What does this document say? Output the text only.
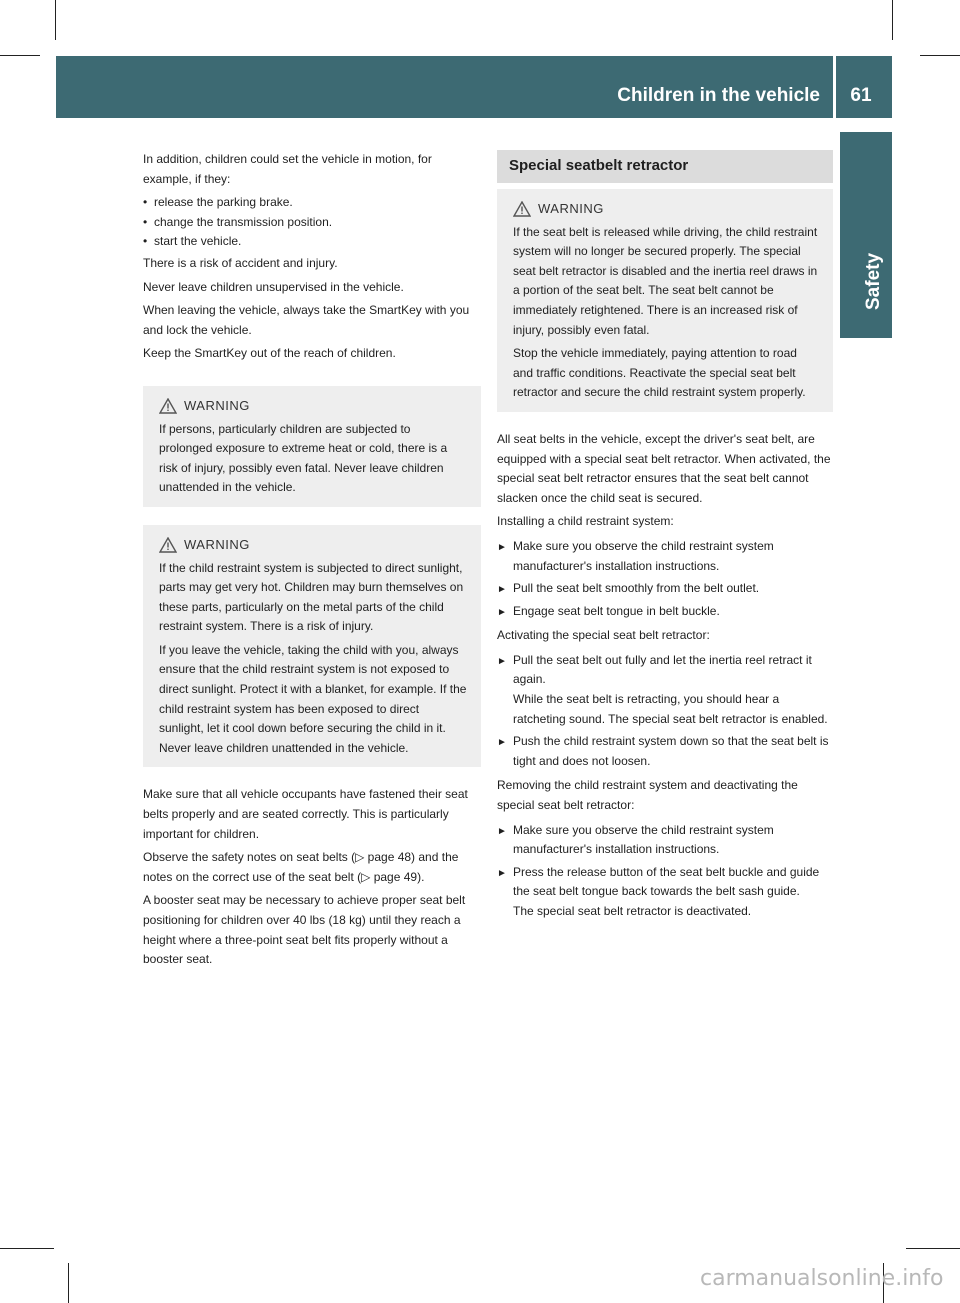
Children in the vehicle	61
Safety

In addition, children could set the vehicle in motion, for example, if they:

• release the parking brake.
• change the transmission position.
• start the vehicle.

There is a risk of accident and injury.

Never leave children unsupervised in the vehicle.

When leaving the vehicle, always take the SmartKey with you and lock the vehicle.

Keep the SmartKey out of the reach of children.

WARNING

If persons, particularly children are subjected to prolonged exposure to extreme heat or cold, there is a risk of injury, possibly even fatal. Never leave children unattended in the vehicle.

WARNING

If the child restraint system is subjected to direct sunlight, parts may get very hot. Children may burn themselves on these parts, particularly on the metal parts of the child restraint system. There is a risk of injury.

If you leave the vehicle, taking the child with you, always ensure that the child restraint system is not exposed to direct sunlight. Protect it with a blanket, for example. If the child restraint system has been exposed to direct sunlight, let it cool down before securing the child in it. Never leave children unattended in the vehicle.

Make sure that all vehicle occupants have fastened their seat belts properly and are seated correctly. This is particularly important for children.

Observe the safety notes on seat belts (▷ page 48) and the notes on the correct use of the seat belt (▷ page 49).

A booster seat may be necessary to achieve proper seat belt positioning for children over 40 lbs (18 kg) until they reach a height where a three-point seat belt fits properly without a booster seat.

Special seatbelt retractor
WARNING

If the seat belt is released while driving, the child restraint system will no longer be secured properly. The special seat belt retractor is disabled and the inertia reel draws in a portion of the seat belt. The seat belt cannot be immediately retightened. There is an increased risk of injury, possibly even fatal.

Stop the vehicle immediately, paying attention to road and traffic conditions. Reactivate the special seat belt retractor and secure the child restraint system properly.

All seat belts in the vehicle, except the driver's seat belt, are equipped with a special seat belt retractor. When activated, the special seat belt retractor ensures that the seat belt cannot slacken once the child seat is secured.

Installing a child restraint system:

► Make sure you observe the child restraint system manufacturer's installation instructions.
► Pull the seat belt smoothly from the belt outlet.
► Engage seat belt tongue in belt buckle.

Activating the special seat belt retractor:

► Pull the seat belt out fully and let the inertia reel retract it again.
While the seat belt is retracting, you should hear a ratcheting sound. The special seat belt retractor is enabled.
► Push the child restraint system down so that the seat belt is tight and does not loosen.

Removing the child restraint system and deactivating the special seat belt retractor:

► Make sure you observe the child restraint system manufacturer's installation instructions.
► Press the release button of the seat belt buckle and guide the seat belt tongue back towards the belt sash guide.
The special seat belt retractor is deactivated.
carmanualsonline.info
